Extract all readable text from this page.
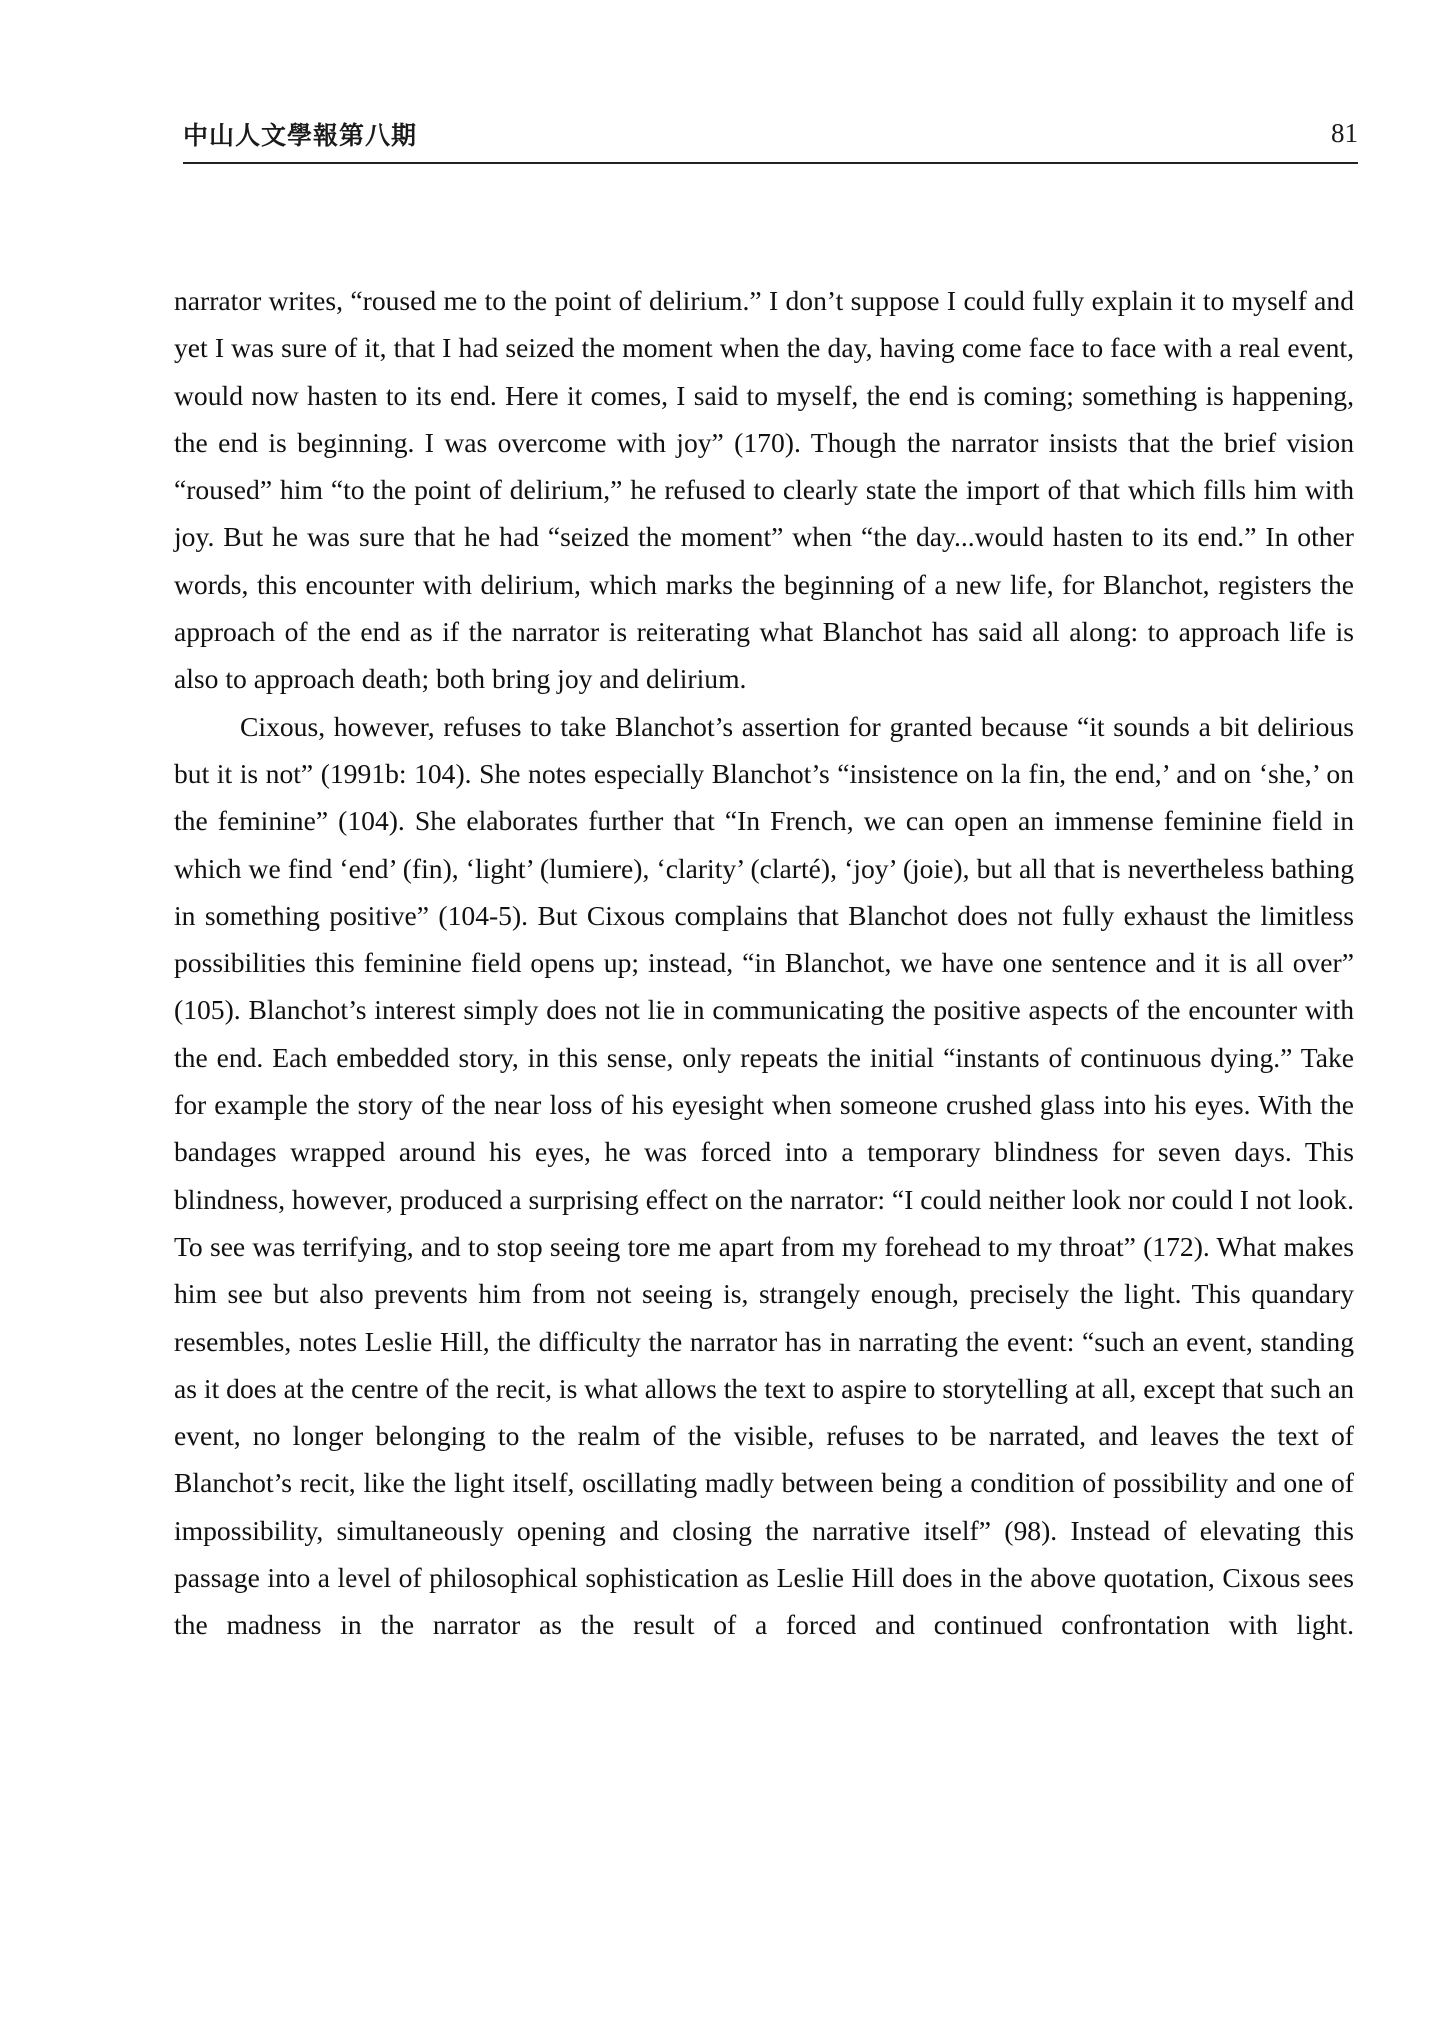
中山人文學報第八期	81

narrator writes, “roused me to the point of delirium.” I don’t suppose I could fully explain it to myself and yet I was sure of it, that I had seized the moment when the day, having come face to face with a real event, would now hasten to its end. Here it comes, I said to myself, the end is coming; something is happening, the end is beginning. I was overcome with joy” (170). Though the narrator insists that the brief vision “roused” him “to the point of delirium,” he refused to clearly state the import of that which fills him with joy. But he was sure that he had “seized the moment” when “the day...would hasten to its end.” In other words, this encounter with delirium, which marks the beginning of a new life, for Blanchot, registers the approach of the end as if the narrator is reiterating what Blanchot has said all along: to approach life is also to approach death; both bring joy and delirium.

Cixous, however, refuses to take Blanchot’s assertion for granted because “it sounds a bit delirious but it is not” (1991b: 104). She notes especially Blanchot’s “insistence on la fin, the end,’ and on ‘she,’ on the feminine” (104). She elaborates further that “In French, we can open an immense feminine field in which we find ‘end’ (fin), ‘light’ (lumiere), ‘clarity’ (clarté), ‘joy’ (joie), but all that is nevertheless bathing in something positive” (104-5). But Cixous complains that Blanchot does not fully exhaust the limitless possibilities this feminine field opens up; instead, “in Blanchot, we have one sentence and it is all over” (105). Blanchot’s interest simply does not lie in communicating the positive aspects of the encounter with the end. Each embedded story, in this sense, only repeats the initial “instants of continuous dying.” Take for example the story of the near loss of his eyesight when someone crushed glass into his eyes. With the bandages wrapped around his eyes, he was forced into a temporary blindness for seven days. This blindness, however, produced a surprising effect on the narrator: “I could neither look nor could I not look. To see was terrifying, and to stop seeing tore me apart from my forehead to my throat” (172). What makes him see but also prevents him from not seeing is, strangely enough, precisely the light. This quandary resembles, notes Leslie Hill, the difficulty the narrator has in narrating the event: “such an event, standing as it does at the centre of the recit, is what allows the text to aspire to storytelling at all, except that such an event, no longer belonging to the realm of the visible, refuses to be narrated, and leaves the text of Blanchot’s recit, like the light itself, oscillating madly between being a condition of possibility and one of impossibility, simultaneously opening and closing the narrative itself” (98). Instead of elevating this passage into a level of philosophical sophistication as Leslie Hill does in the above quotation, Cixous sees the madness in the narrator as the result of a forced and continued confrontation with light.
